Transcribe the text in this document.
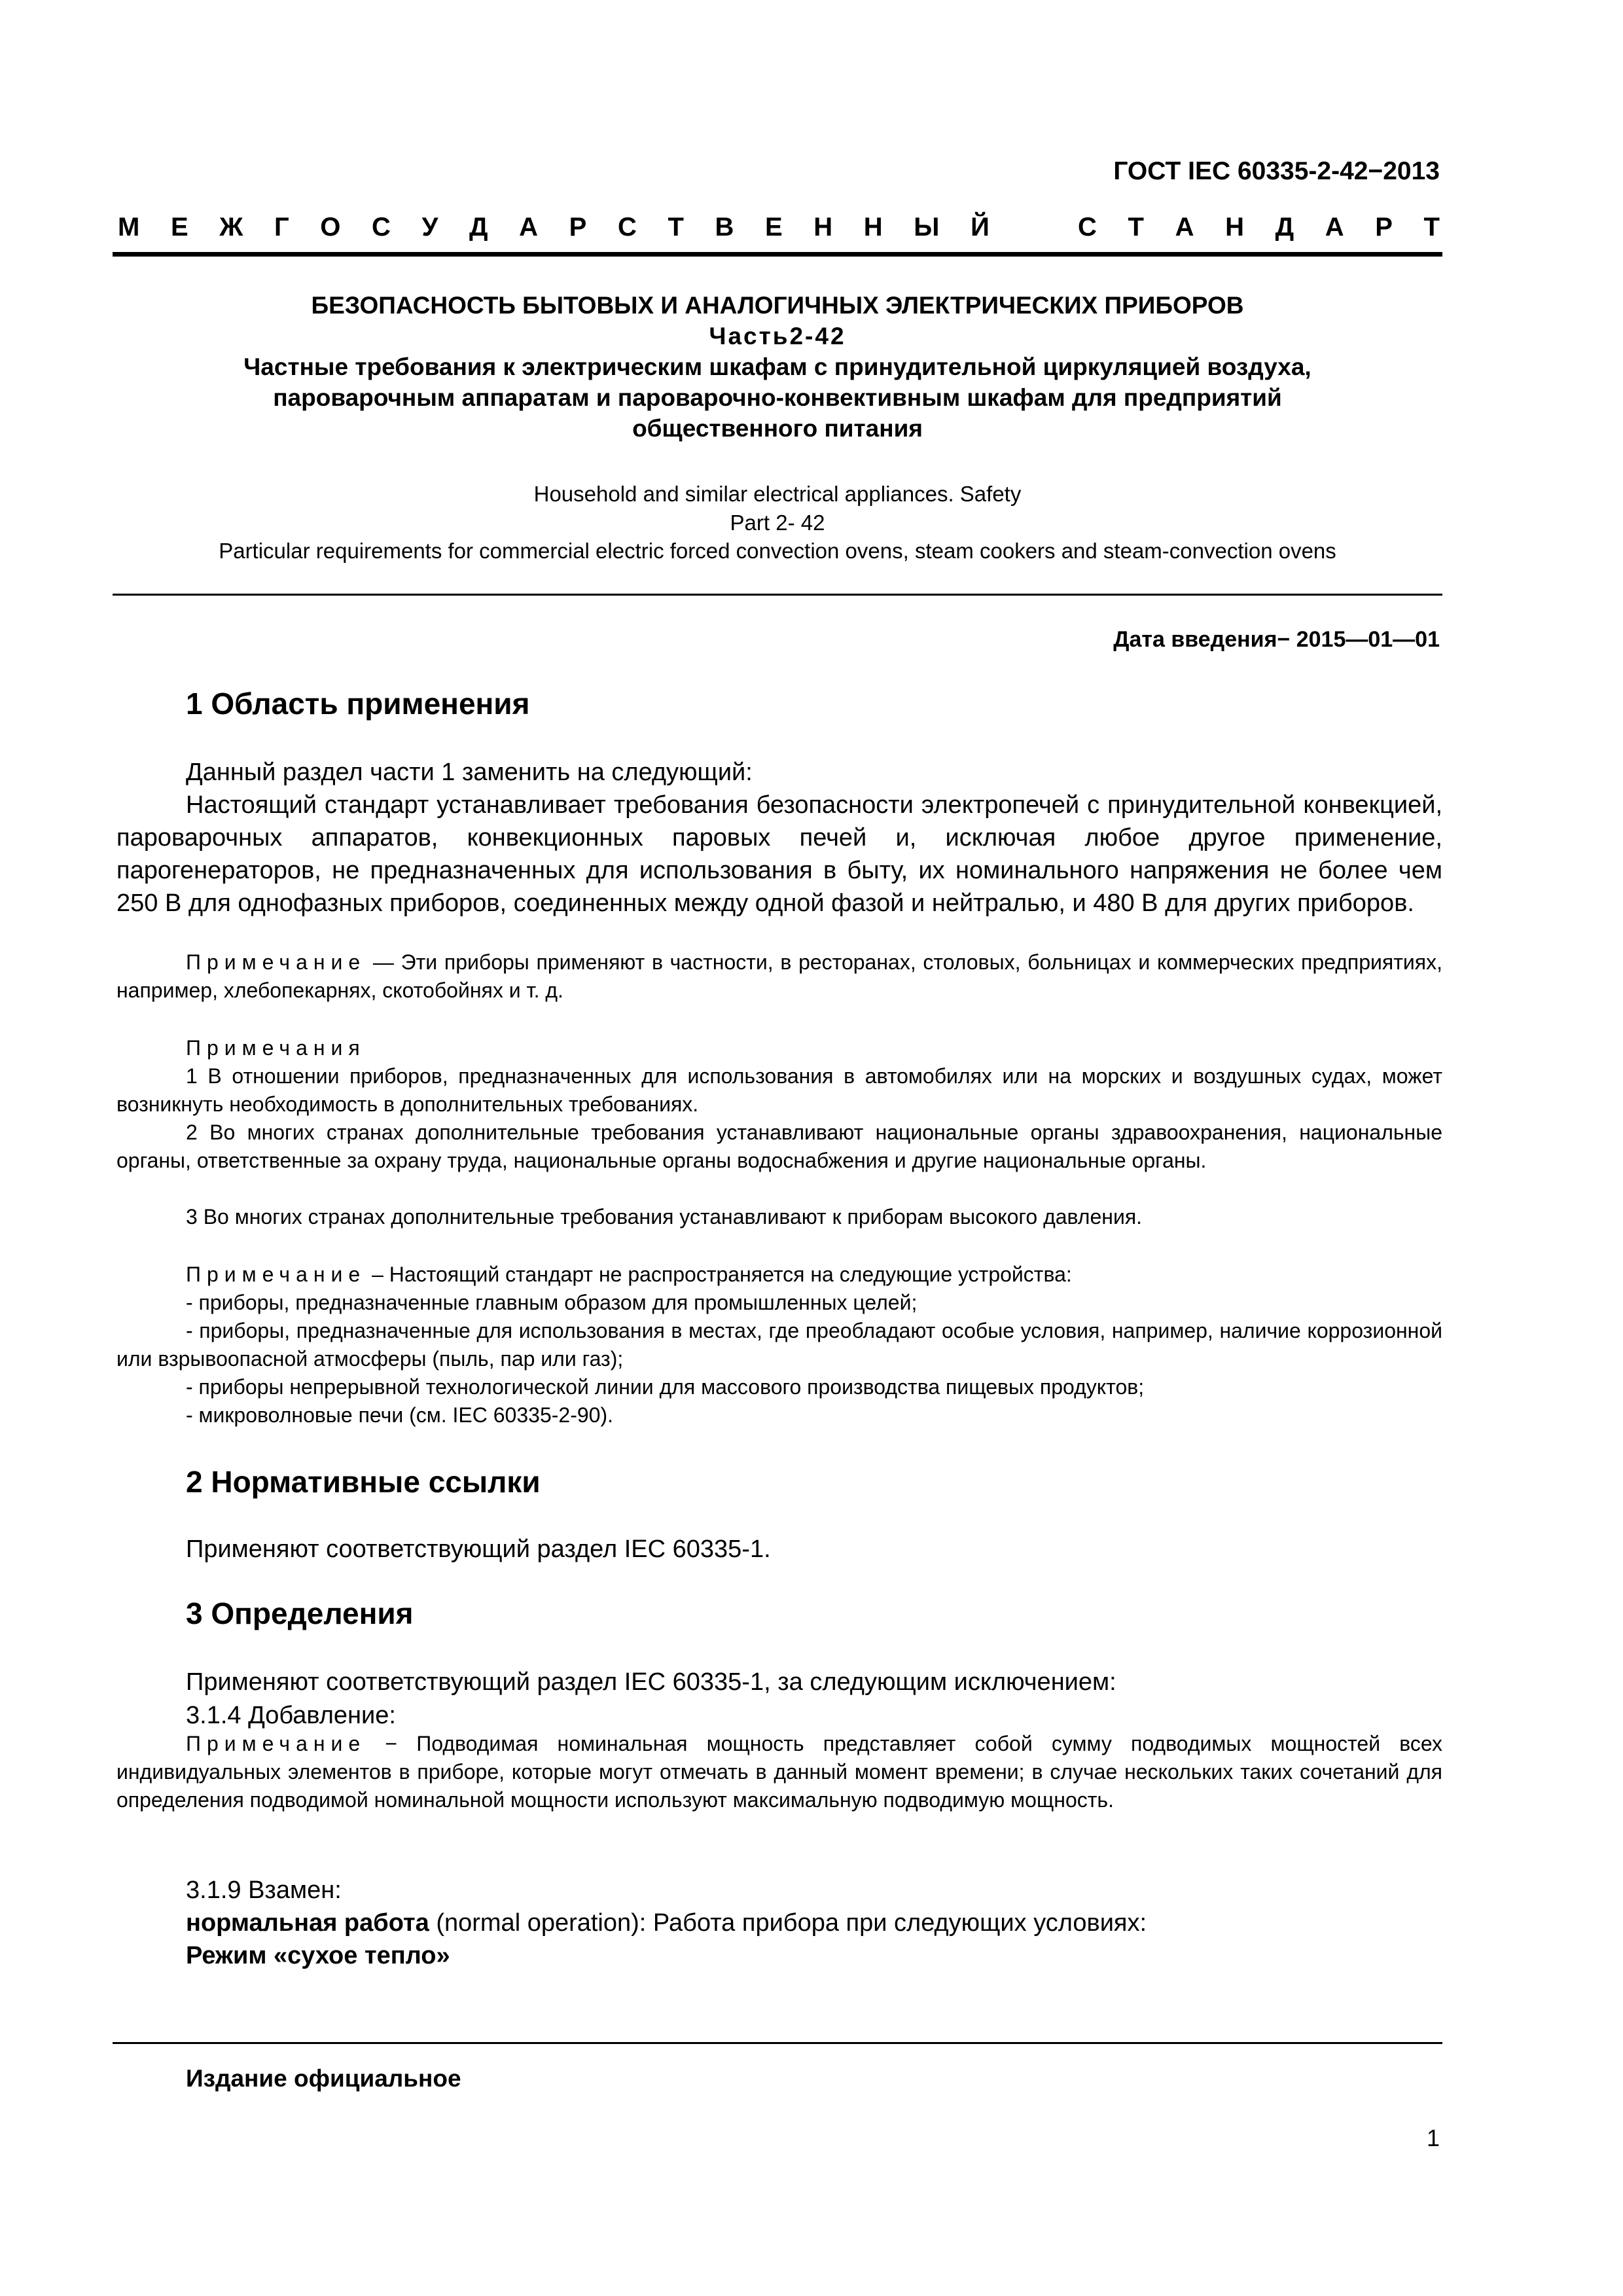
ГОСТ IEC 60335-2-42−2013
М Е Ж Г О С У Д А Р С Т В Е Н Н Ы Й	С Т А Н Д А Р Т
БЕЗОПАСНОСТЬ БЫТОВЫХ И АНАЛОГИЧНЫХ ЭЛЕКТРИЧЕСКИХ ПРИБОРОВ
Часть2-42
Частные требования к электрическим шкафам с принудительной циркуляцией воздуха,
пароварочным аппаратам и пароварочно-конвективным шкафам для предприятий
общественного питания
Household and similar electrical appliances. Safety
Part 2- 42
Particular requirements for commercial electric forced convection ovens, steam cookers and steam-convection ovens
Дата введения− 2015—01—01
1 Область применения
Данный раздел части 1 заменить на следующий:
Настоящий стандарт устанавливает требования безопасности электропечей с принудительной конвекцией, пароварочных аппаратов, конвекционных паровых печей и, исключая любое другое применение, парогенераторов, не предназначенных для использования в быту, их номинального напряжения не более чем 250 В для однофазных приборов, соединенных между одной фазой и нейтралью, и 480 В для других приборов.
Примечание — Эти приборы применяют в частности, в ресторанах, столовых, больницах и коммерческих предприятиях, например, хлебопекарнях, скотобойнях и т. д.
Примечания
1 В отношении приборов, предназначенных для использования в автомобилях или на морских и воздушных судах, может возникнуть необходимость в дополнительных требованиях.
2 Во многих странах дополнительные требования устанавливают национальные органы здравоохранения, национальные органы, ответственные за охрану труда, национальные органы водоснабжения и другие национальные органы.
3 Во многих странах дополнительные требования устанавливают к приборам высокого давления.
Примечание – Настоящий стандарт не распространяется на следующие устройства:
- приборы, предназначенные главным образом для промышленных целей;
- приборы, предназначенные для использования в местах, где преобладают особые условия, например, наличие коррозионной или взрывоопасной атмосферы (пыль, пар или газ);
- приборы непрерывной технологической линии для массового производства пищевых продуктов;
- микроволновые печи (см. IEC 60335-2-90).
2 Нормативные ссылки
Применяют соответствующий раздел IEC 60335-1.
3 Определения
Применяют соответствующий раздел IEC 60335-1, за следующим исключением:
3.1.4 Добавление:
Примечание − Подводимая номинальная мощность представляет собой сумму подводимых мощностей всех индивидуальных элементов в приборе, которые могут отмечать в данный момент времени; в случае нескольких таких сочетаний для определения подводимой номинальной мощности используют максимальную подводимую мощность.
3.1.9 Взамен:
нормальная работа (normal operation): Работа прибора при следующих условиях:
Режим «сухое тепло»
Издание официальное
1
